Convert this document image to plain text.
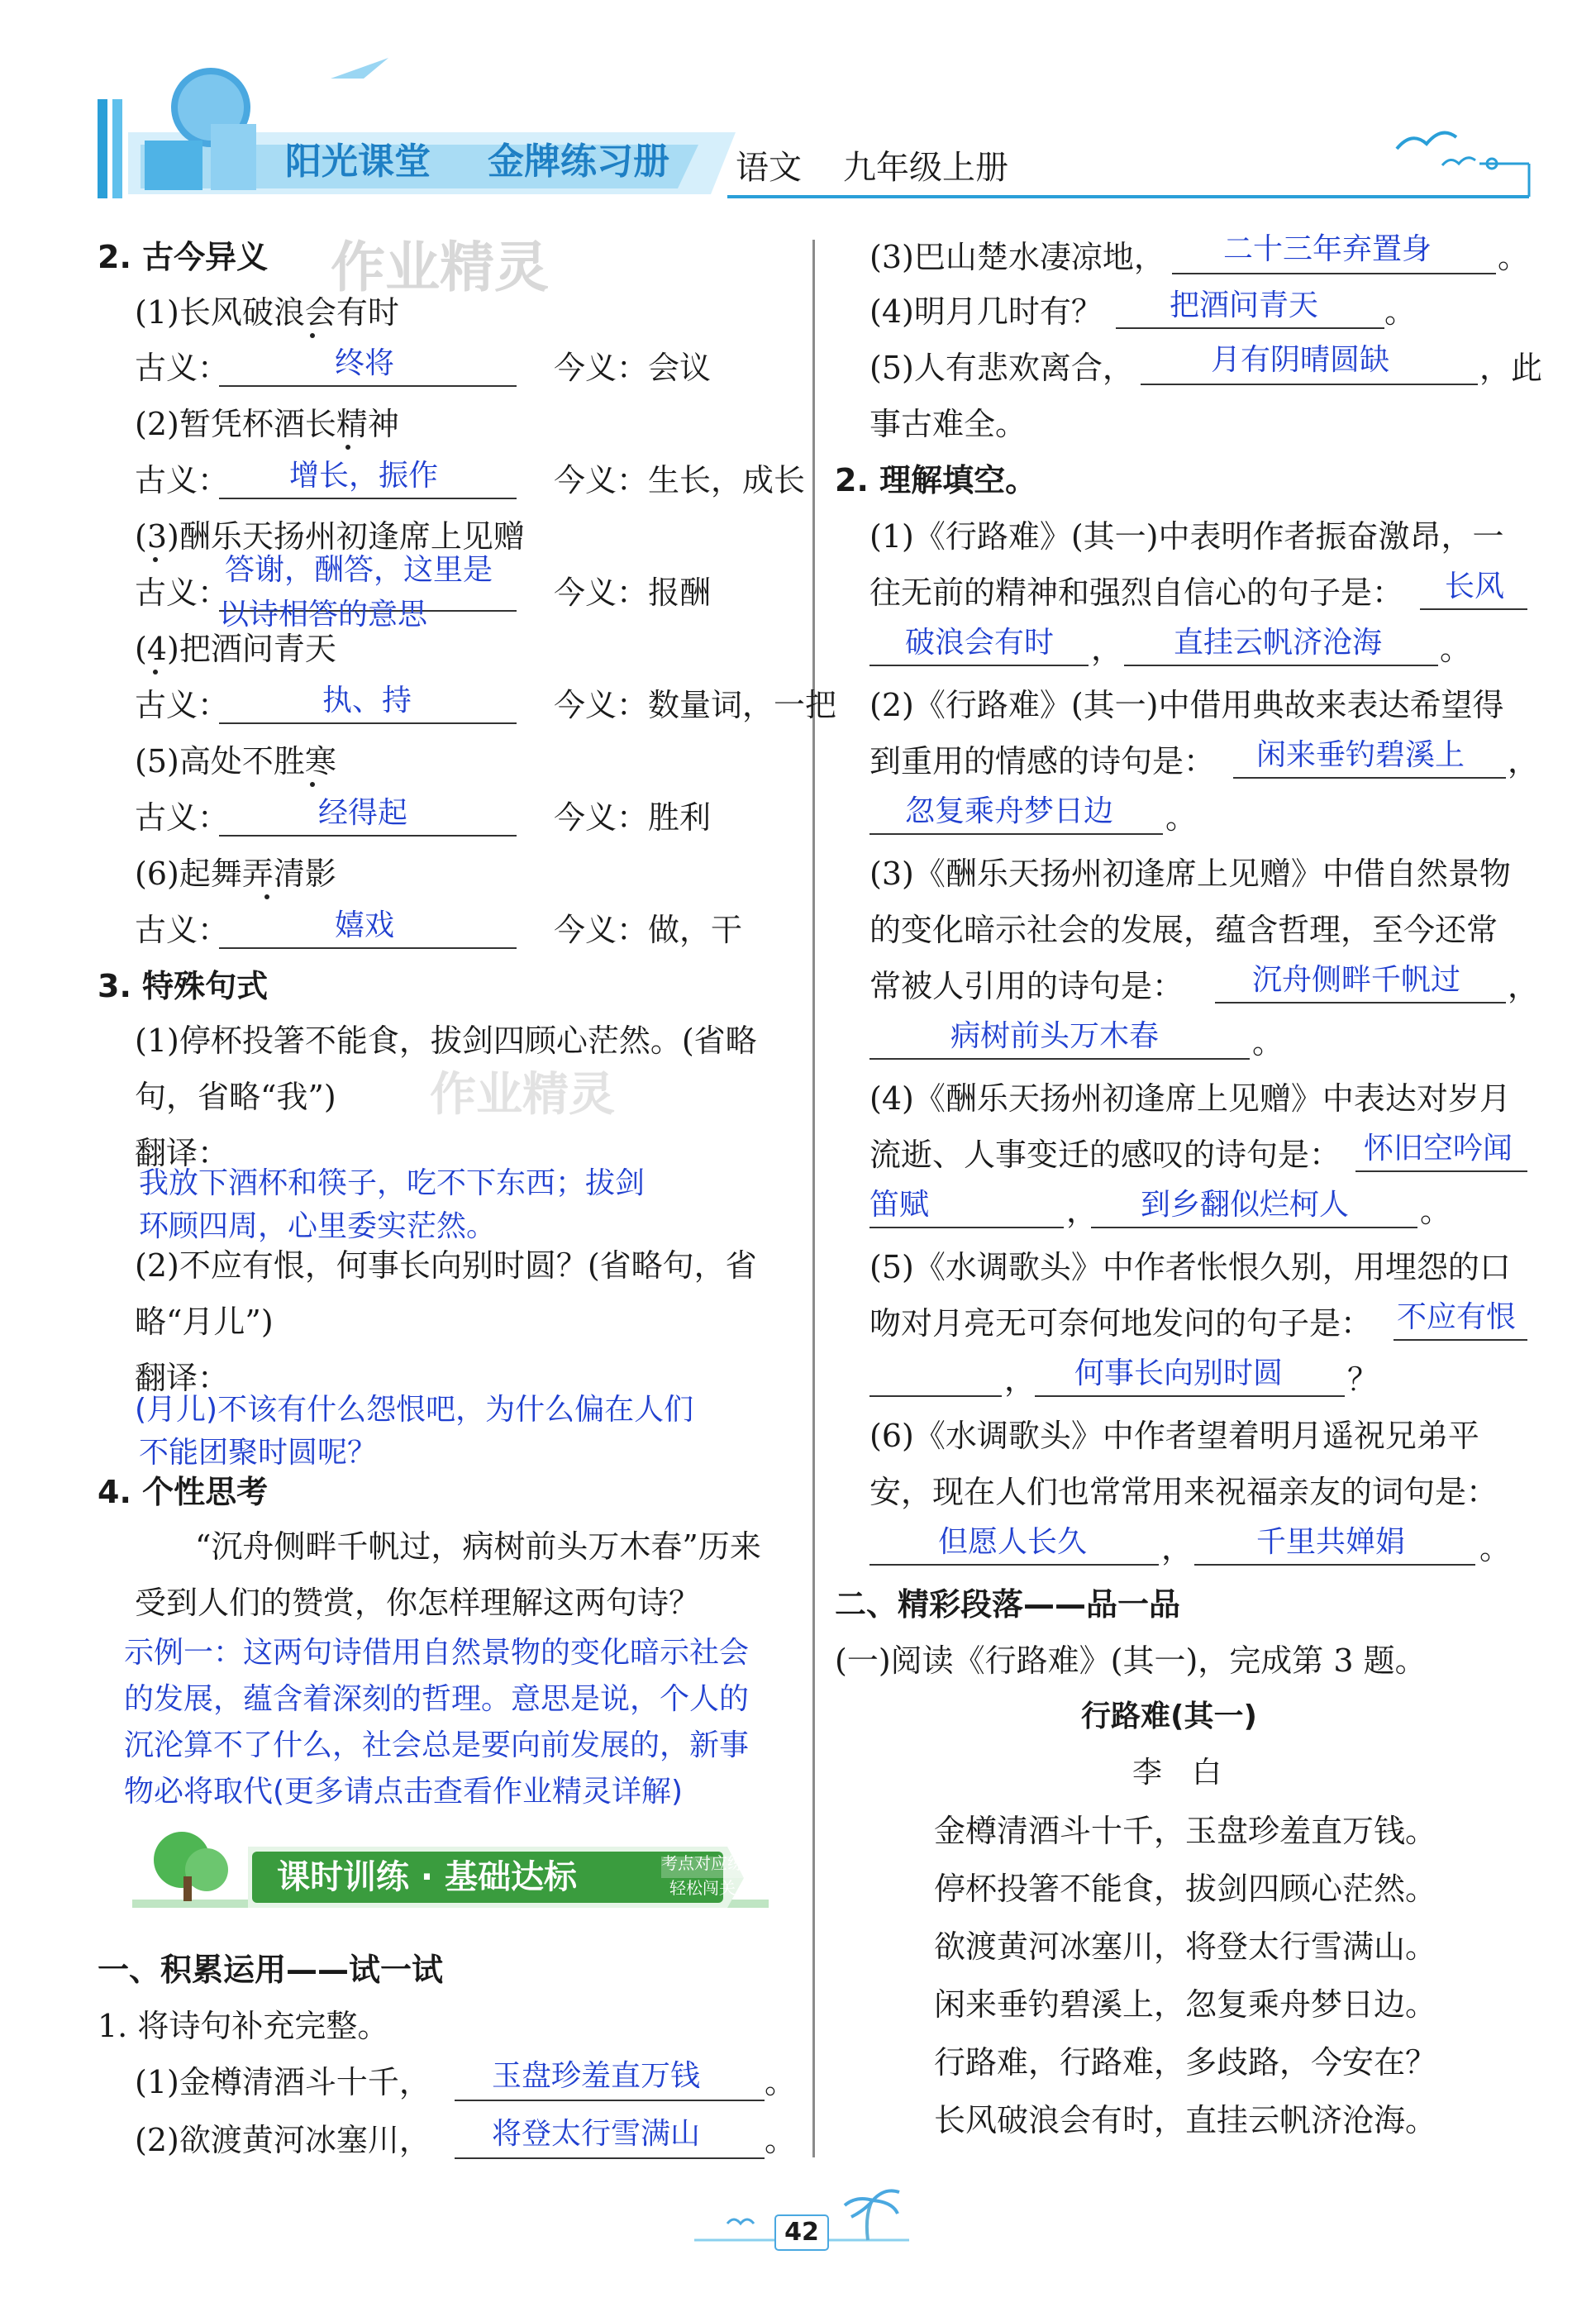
阳光课堂 金牌练习册 语文 九年级上册
作业精灵
作业精灵
2. 古今异义
(1)长风破浪会有时
古义：	终将	今义：会议
(2)暂凭杯酒长精神
古义： 增长，振作	今义：生长，成长
(3)酬乐天扬州初逢席上见赠
古义：
答谢，酬答，这里是
以诗相答的意思
今义：报酬
(4)把酒问青天
古义：	执、持	今义：数量词，一把
(5)高处不胜寒
古义：	经得起	今义：胜利
(6)起舞弄清影
古义：	嬉戏	今义：做，干
3. 特殊句式
(1)停杯投箸不能食，拔剑四顾心茫然。(省略
句，省略“我”)
翻译：
我放下酒杯和筷子，吃不下东西；拔剑
环顾四周，心里委实茫然。
(2)不应有恨，何事长向别时圆？(省略句，省
略“月儿”)
翻译：
(月儿)不该有什么怨恨吧，为什么偏在人们
不能团聚时圆呢？
4. 个性思考
“沉舟侧畔千帆过，病树前头万木春”历来
受到人们的赞赏，你怎样理解这两句诗？
示例一：这两句诗借用自然景物的变化暗示社会
的发展，蕴含着深刻的哲理。意思是说，个人的
沉沦算不了什么，社会总是要向前发展的，新事
物必将取代(更多请点击查看作业精灵详解)
课时训练 · 基础达标	考点对应练
轻松闯关
一、积累运用——试一试
1. 将诗句补充完整。
(1)金樽清酒斗十千， 玉盘珍羞直万钱 。
(2)欲渡黄河冰塞川， 将登太行雪满山 。
(3)巴山楚水凄凉地， 二十三年弃置身 。
(4)明月几时有？ 把酒问青天 。
(5)人有悲欢离合，	月有阴晴圆缺	，此
事古难全。
2. 理解填空。
(1)《行路难》(其一)中表明作者振奋激昂，一
往无前的精神和强烈自信心的句子是： 长风
破浪会有时 ， 直挂云帆济沧海 。
(2)《行路难》(其一)中借用典故来表达希望得
到重用的情感的诗句是： 闲来垂钓碧溪上 ，
忽复乘舟梦日边 。
(3)《酬乐天扬州初逢席上见赠》中借自然景物
的变化暗示社会的发展，蕴含哲理，至今还常
常被人引用的诗句是： 沉舟侧畔千帆过 ，
病树前头万木春	。
(4)《酬乐天扬州初逢席上见赠》中表达对岁月
流逝、人事变迁的感叹的诗句是： 怀旧空吟闻
笛赋	， 到乡翻似烂柯人 。
(5)《水调歌头》中作者怅恨久别，用埋怨的口
吻对月亮无可奈何地发问的句子是： 不应有恨
， 何事长向别时圆 ？
(6)《水调歌头》中作者望着明月遥祝兄弟平
安，现在人们也常常用来祝福亲友的词句是：
但愿人长久 ， 千里共婵娟 。
二、精彩段落——品一品
(一)阅读《行路难》(其一)，完成第 3 题。
行路难(其一)
李　白
金樽清酒斗十千，玉盘珍羞直万钱。
停杯投箸不能食，拔剑四顾心茫然。
欲渡黄河冰塞川，将登太行雪满山。
闲来垂钓碧溪上，忽复乘舟梦日边。
行路难，行路难，多歧路，今安在？
长风破浪会有时，直挂云帆济沧海。
42
